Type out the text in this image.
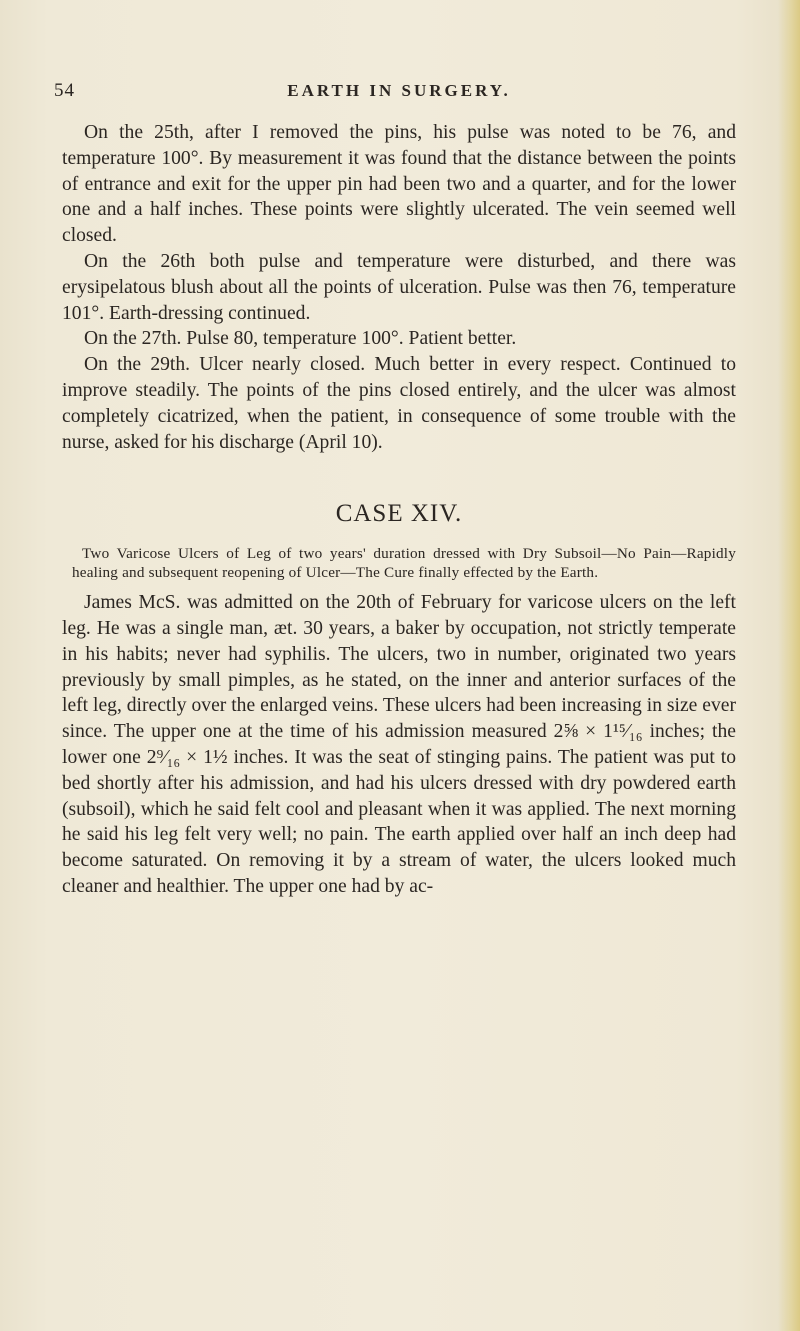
54	EARTH IN SURGERY.

On the 25th, after I removed the pins, his pulse was noted to be 76, and temperature 100°. By measurement it was found that the distance between the points of entrance and exit for the upper pin had been two and a quarter, and for the lower one and a half inches. These points were slightly ulcerated. The vein seemed well closed.

On the 26th both pulse and temperature were disturbed, and there was erysipelatous blush about all the points of ulceration. Pulse was then 76, temperature 101°. Earth-dressing continued.

On the 27th. Pulse 80, temperature 100°. Patient better.

On the 29th. Ulcer nearly closed. Much better in every respect. Continued to improve steadily. The points of the pins closed entirely, and the ulcer was almost completely cicatrized, when the patient, in consequence of some trouble with the nurse, asked for his discharge (April 10).

CASE XIV.

Two Varicose Ulcers of Leg of two years' duration dressed with Dry Subsoil—No Pain—Rapidly healing and subsequent reopening of Ulcer—The Cure finally effected by the Earth.

James McS. was admitted on the 20th of February for varicose ulcers on the left leg. He was a single man, æt. 30 years, a baker by occupation, not strictly temperate in his habits; never had syphilis. The ulcers, two in number, originated two years previously by small pimples, as he stated, on the inner and anterior surfaces of the left leg, directly over the enlarged veins. These ulcers had been increasing in size ever since. The upper one at the time of his admission measured 2⅝ × 1¹⁵⁄₁₆ inches; the lower one 2⁹⁄₁₆ × 1½ inches. It was the seat of stinging pains. The patient was put to bed shortly after his admission, and had his ulcers dressed with dry powdered earth (subsoil), which he said felt cool and pleasant when it was applied. The next morning he said his leg felt very well; no pain. The earth applied over half an inch deep had become saturated. On removing it by a stream of water, the ulcers looked much cleaner and healthier. The upper one had by ac-
